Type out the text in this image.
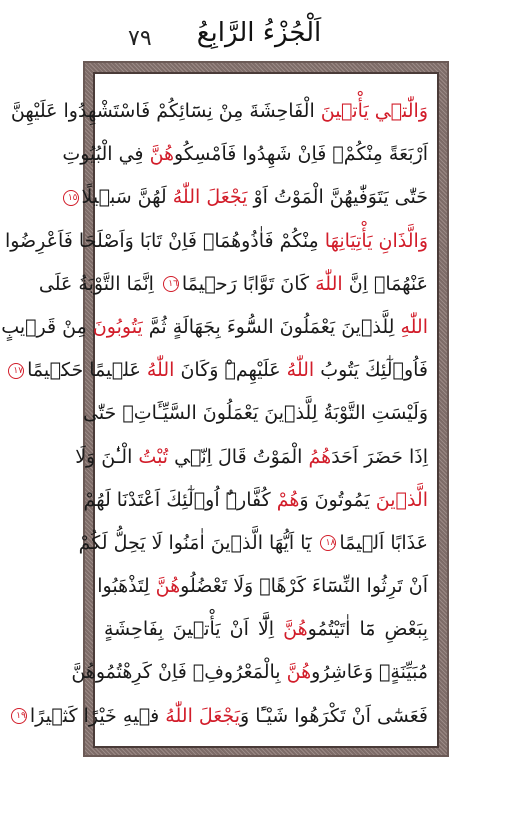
٧٩	اَلْجُزْءُ الرَّابِعُ
وَالّٰت۪ي يَأْت۪ينَ الْفَاحِشَةَ مِنْ نِسَٓائِكُمْ فَاسْتَشْهِدُوا عَلَيْهِنَّ
اَرْبَعَةً مِنْكُمْۚ فَاِنْ شَهِدُوا فَاَمْسِكُوهُنَّ فِي الْبُيُوتِ
حَتّٰى يَتَوَفّٰيهُنَّ الْمَوْتُ اَوْ يَجْعَلَ اللّٰهُ لَهُنَّ سَب۪يلًا١٥
وَالَّذَانِ يَأْتِيَانِهَا مِنْكُمْ فَاٰذُوهُمَاۚ فَاِنْ تَابَا وَاَصْلَحَا فَاَعْرِضُوا
عَنْهُمَاۜ اِنَّ اللّٰهَ كَانَ تَوَّابًا رَح۪يمًا١٦ اِنَّمَا التَّوْبَةُ عَلَى
اللّٰهِ لِلَّذ۪ينَ يَعْمَلُونَ السُّٓوءَ بِجَهَالَةٍ ثُمَّ يَتُوبُونَ مِنْ قَر۪يبٍ
فَاُو۬لٰٓئِكَ يَتُوبُ اللّٰهُ عَلَيْهِمْۜ وَكَانَ اللّٰهُ عَل۪يمًا حَك۪يمًا١٧
وَلَيْسَتِ التَّوْبَةُ لِلَّذ۪ينَ يَعْمَلُونَ السَّيِّـَٔاتِۚ حَتّٰى
اِذَا حَضَرَ اَحَدَهُمُ الْمَوْتُ قَالَ اِنّ۪ي تُبْتُ الْـٰٔنَ وَلَا
الَّذ۪ينَ يَمُوتُونَ وَهُمْ كُفَّارٌۜ اُو۬لٰٓئِكَ اَعْتَدْنَا لَهُمْ
عَذَابًا اَل۪يمًا١٨ يَٓا اَيُّهَا الَّذ۪ينَ اٰمَنُوا لَا يَحِلُّ لَكُمْ
اَنْ تَرِثُوا النِّسَٓاءَ كَرْهًاۜ وَلَا تَعْضُلُوهُنَّ لِتَذْهَبُوا
بِبَعْضِ مَٓا اٰتَيْتُمُوهُنَّ اِلَّٓا اَنْ يَأْت۪ينَ بِفَاحِشَةٍ
مُبَيِّنَةٍۚ وَعَاشِرُوهُنَّ بِالْمَعْرُوفِۚ فَاِنْ كَرِهْتُمُوهُنَّ
فَعَسٰٓى اَنْ تَكْرَهُوا شَيْـًٔا وَيَجْعَلَ اللّٰهُ ف۪يهِ خَيْرًا كَث۪يرًا١٩
